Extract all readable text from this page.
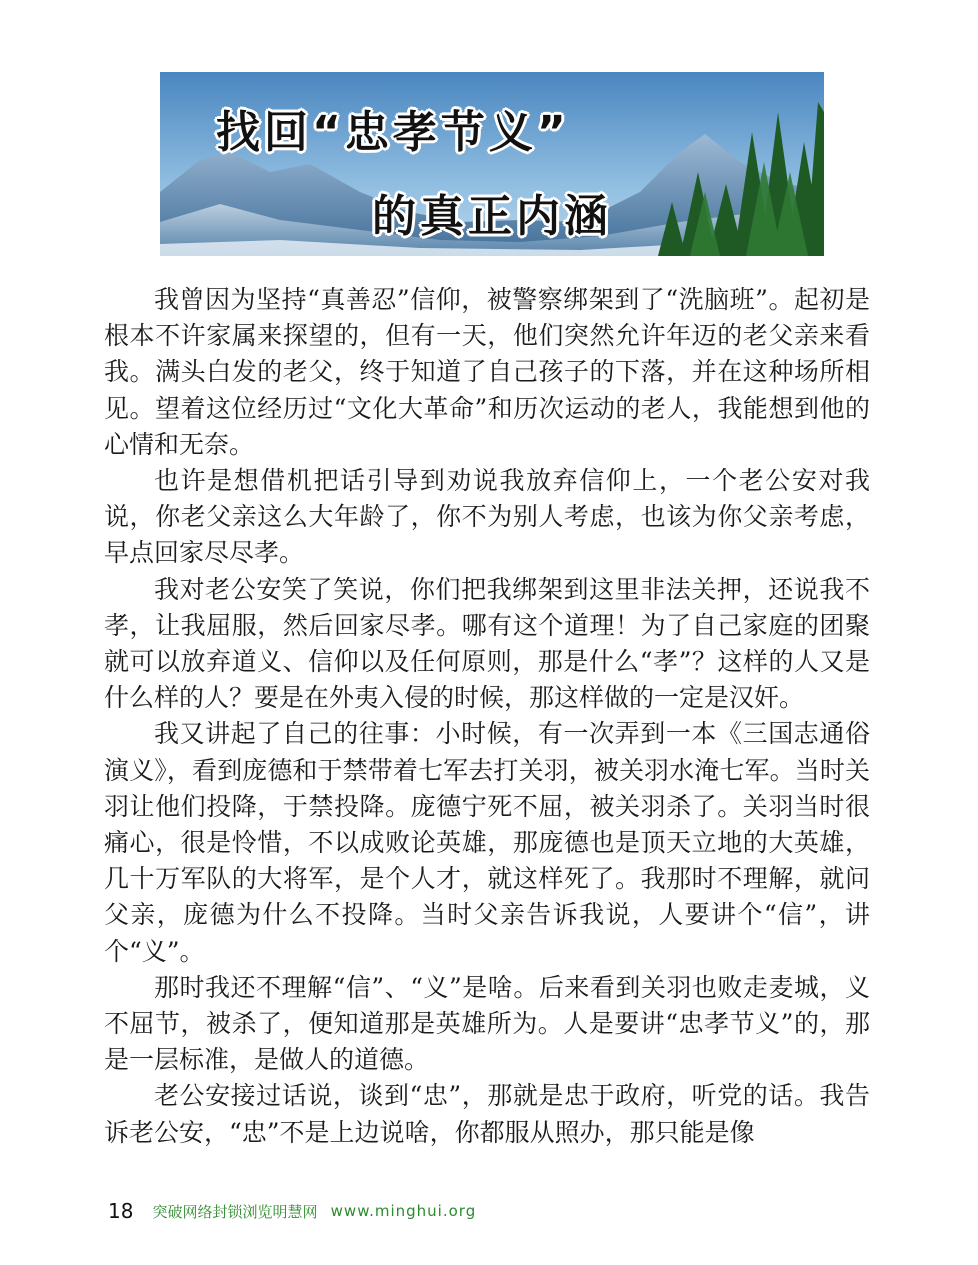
找回“忠孝节义”
的真正内涵

我曾因为坚持“真善忍”信仰，被警察绑架到了“洗脑班”。起初是根本不许家属来探望的，但有一天，他们突然允许年迈的老父亲来看我。满头白发的老父，终于知道了自己孩子的下落，并在这种场所相见。望着这位经历过“文化大革命”和历次运动的老人，我能想到他的心情和无奈。

也许是想借机把话引导到劝说我放弃信仰上，一个老公安对我说，你老父亲这么大年龄了，你不为别人考虑，也该为你父亲考虑，早点回家尽尽孝。

我对老公安笑了笑说，你们把我绑架到这里非法关押，还说我不孝，让我屈服，然后回家尽孝。哪有这个道理！为了自己家庭的团聚就可以放弃道义、信仰以及任何原则，那是什么“孝”？这样的人又是什么样的人？要是在外夷入侵的时候，那这样做的一定是汉奸。

我又讲起了自己的往事：小时候，有一次弄到一本《三国志通俗演义》，看到庞德和于禁带着七军去打关羽，被关羽水淹七军。当时关羽让他们投降，于禁投降。庞德宁死不屈，被关羽杀了。关羽当时很痛心，很是怜惜，不以成败论英雄，那庞德也是顶天立地的大英雄，几十万军队的大将军，是个人才，就这样死了。我那时不理解，就问父亲，庞德为什么不投降。当时父亲告诉我说，人要讲个“信”，讲个“义”。

那时我还不理解“信”、“义”是啥。后来看到关羽也败走麦城，义不屈节，被杀了，便知道那是英雄所为。人是要讲“忠孝节义”的，那是一层标准，是做人的道德。

老公安接过话说，谈到“忠”，那就是忠于政府，听党的话。我告诉老公安，“忠”不是上边说啥，你都服从照办，那只能是像

18 突破网络封锁浏览明慧网 www.minghui.org
